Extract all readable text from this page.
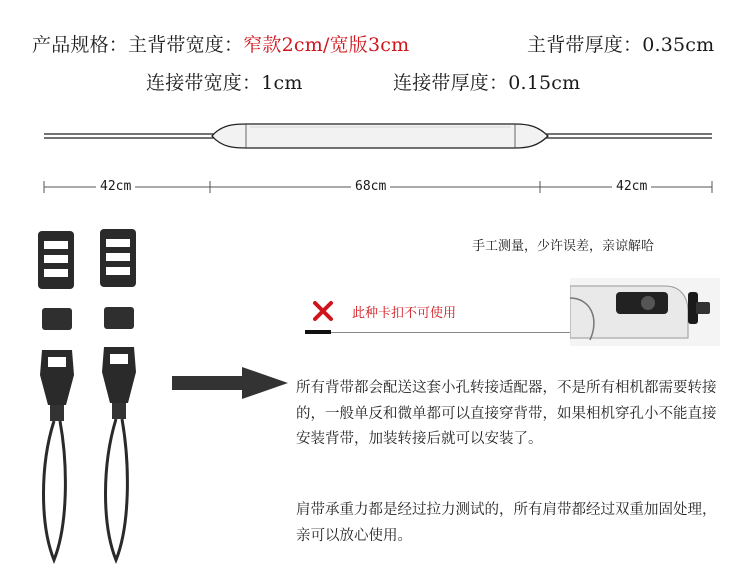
产品规格：主背带宽度：窄款2cm/宽版3cm	主背带厚度：0.35cm
连接带宽度：1cm	连接带厚度：0.15cm
42cm	68cm	42cm
手工测量，少许误差，亲谅解哈
此种卡扣不可使用
所有背带都会配送这套小孔转接适配器，不是所有相机都需要转接的，一般单反和微单都可以直接穿背带，如果相机穿孔小不能直接安装背带，加装转接后就可以安装了。
肩带承重力都是经过拉力测试的，所有肩带都经过双重加固处理，亲可以放心使用。
